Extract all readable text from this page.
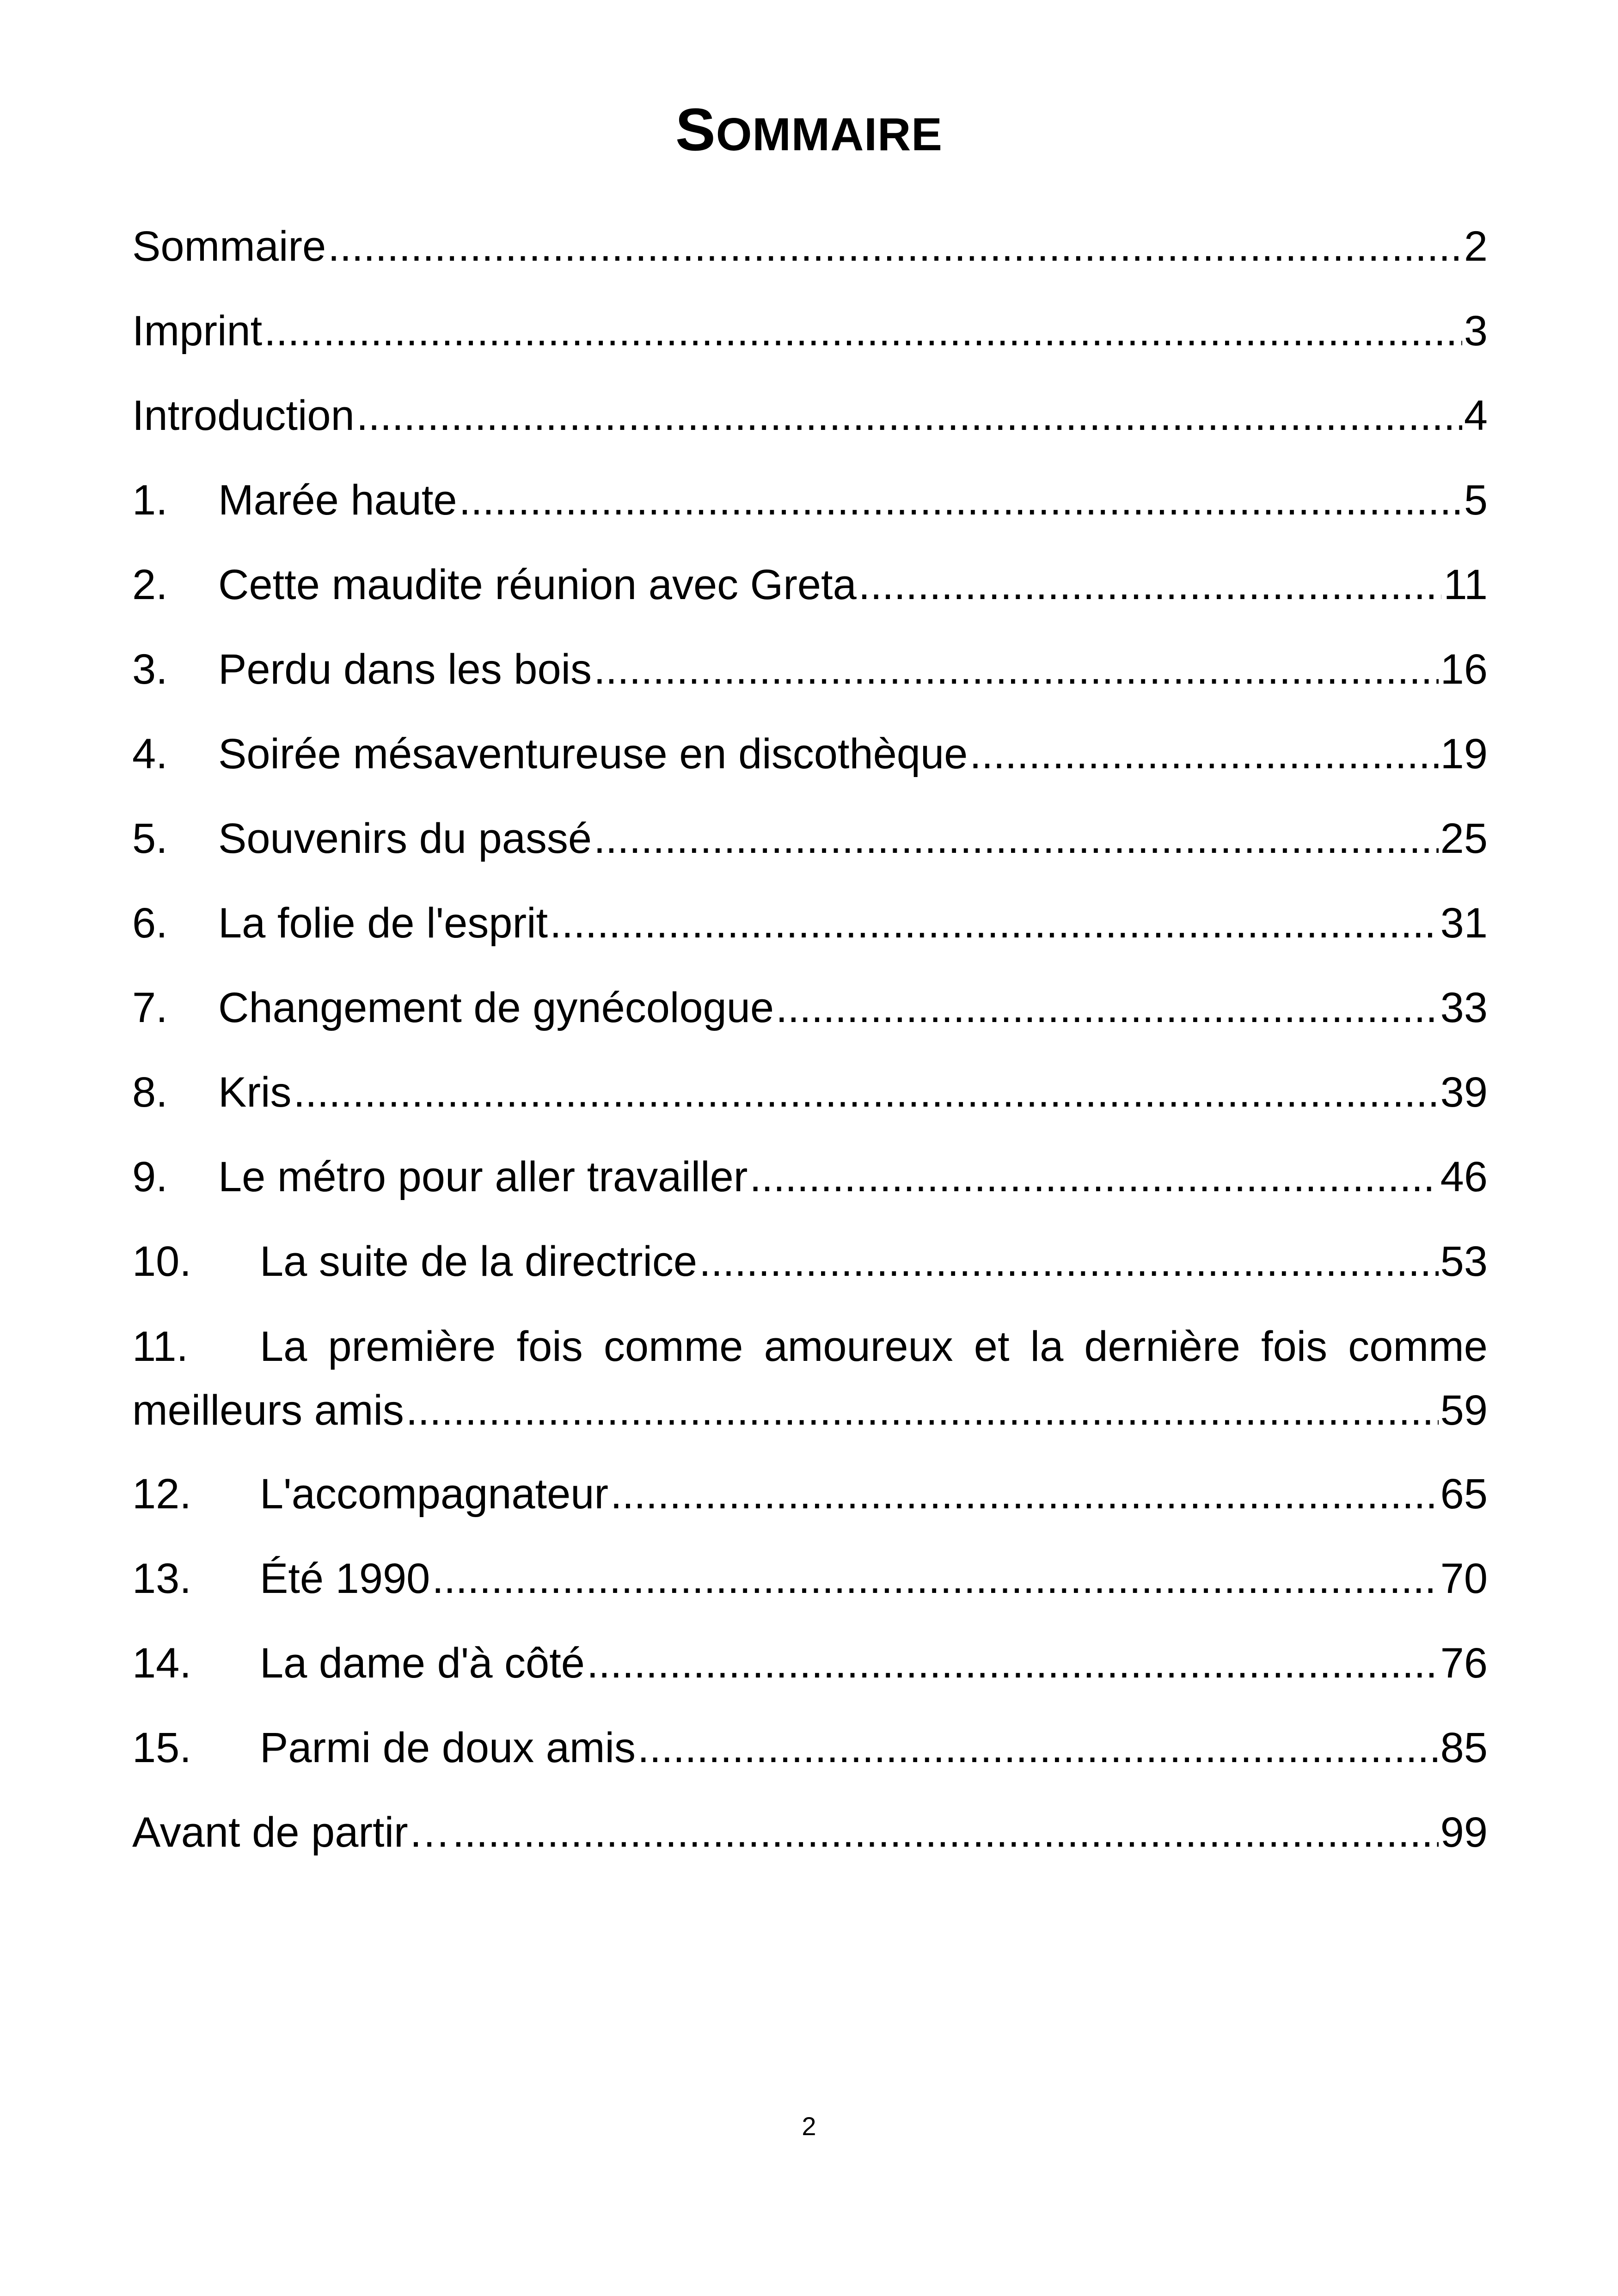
SOMMAIRE
Sommaire .....	2
Imprint .....	3
Introduction .....	4
1.	Marée haute .....	5
2.	Cette maudite réunion avec Greta .....	11
3.	Perdu dans les bois .....	16
4.	Soirée mésaventureuse en discothèque .....	19
5.	Souvenirs du passé .....	25
6.	La folie de l'esprit .....	31
7.	Changement de gynécologue .....	33
8.	Kris .....	39
9.	Le métro pour aller travailler .....	46
10.	La suite de la directrice .....	53
11.	La première fois comme amoureux et la dernière fois comme
meilleurs amis .....	59
12.	L'accompagnateur .....	65
13.	Été 1990 .....	70
14.	La dame d'à côté .....	76
15.	Parmi de doux amis .....	85
Avant de partir… .....	99
2
